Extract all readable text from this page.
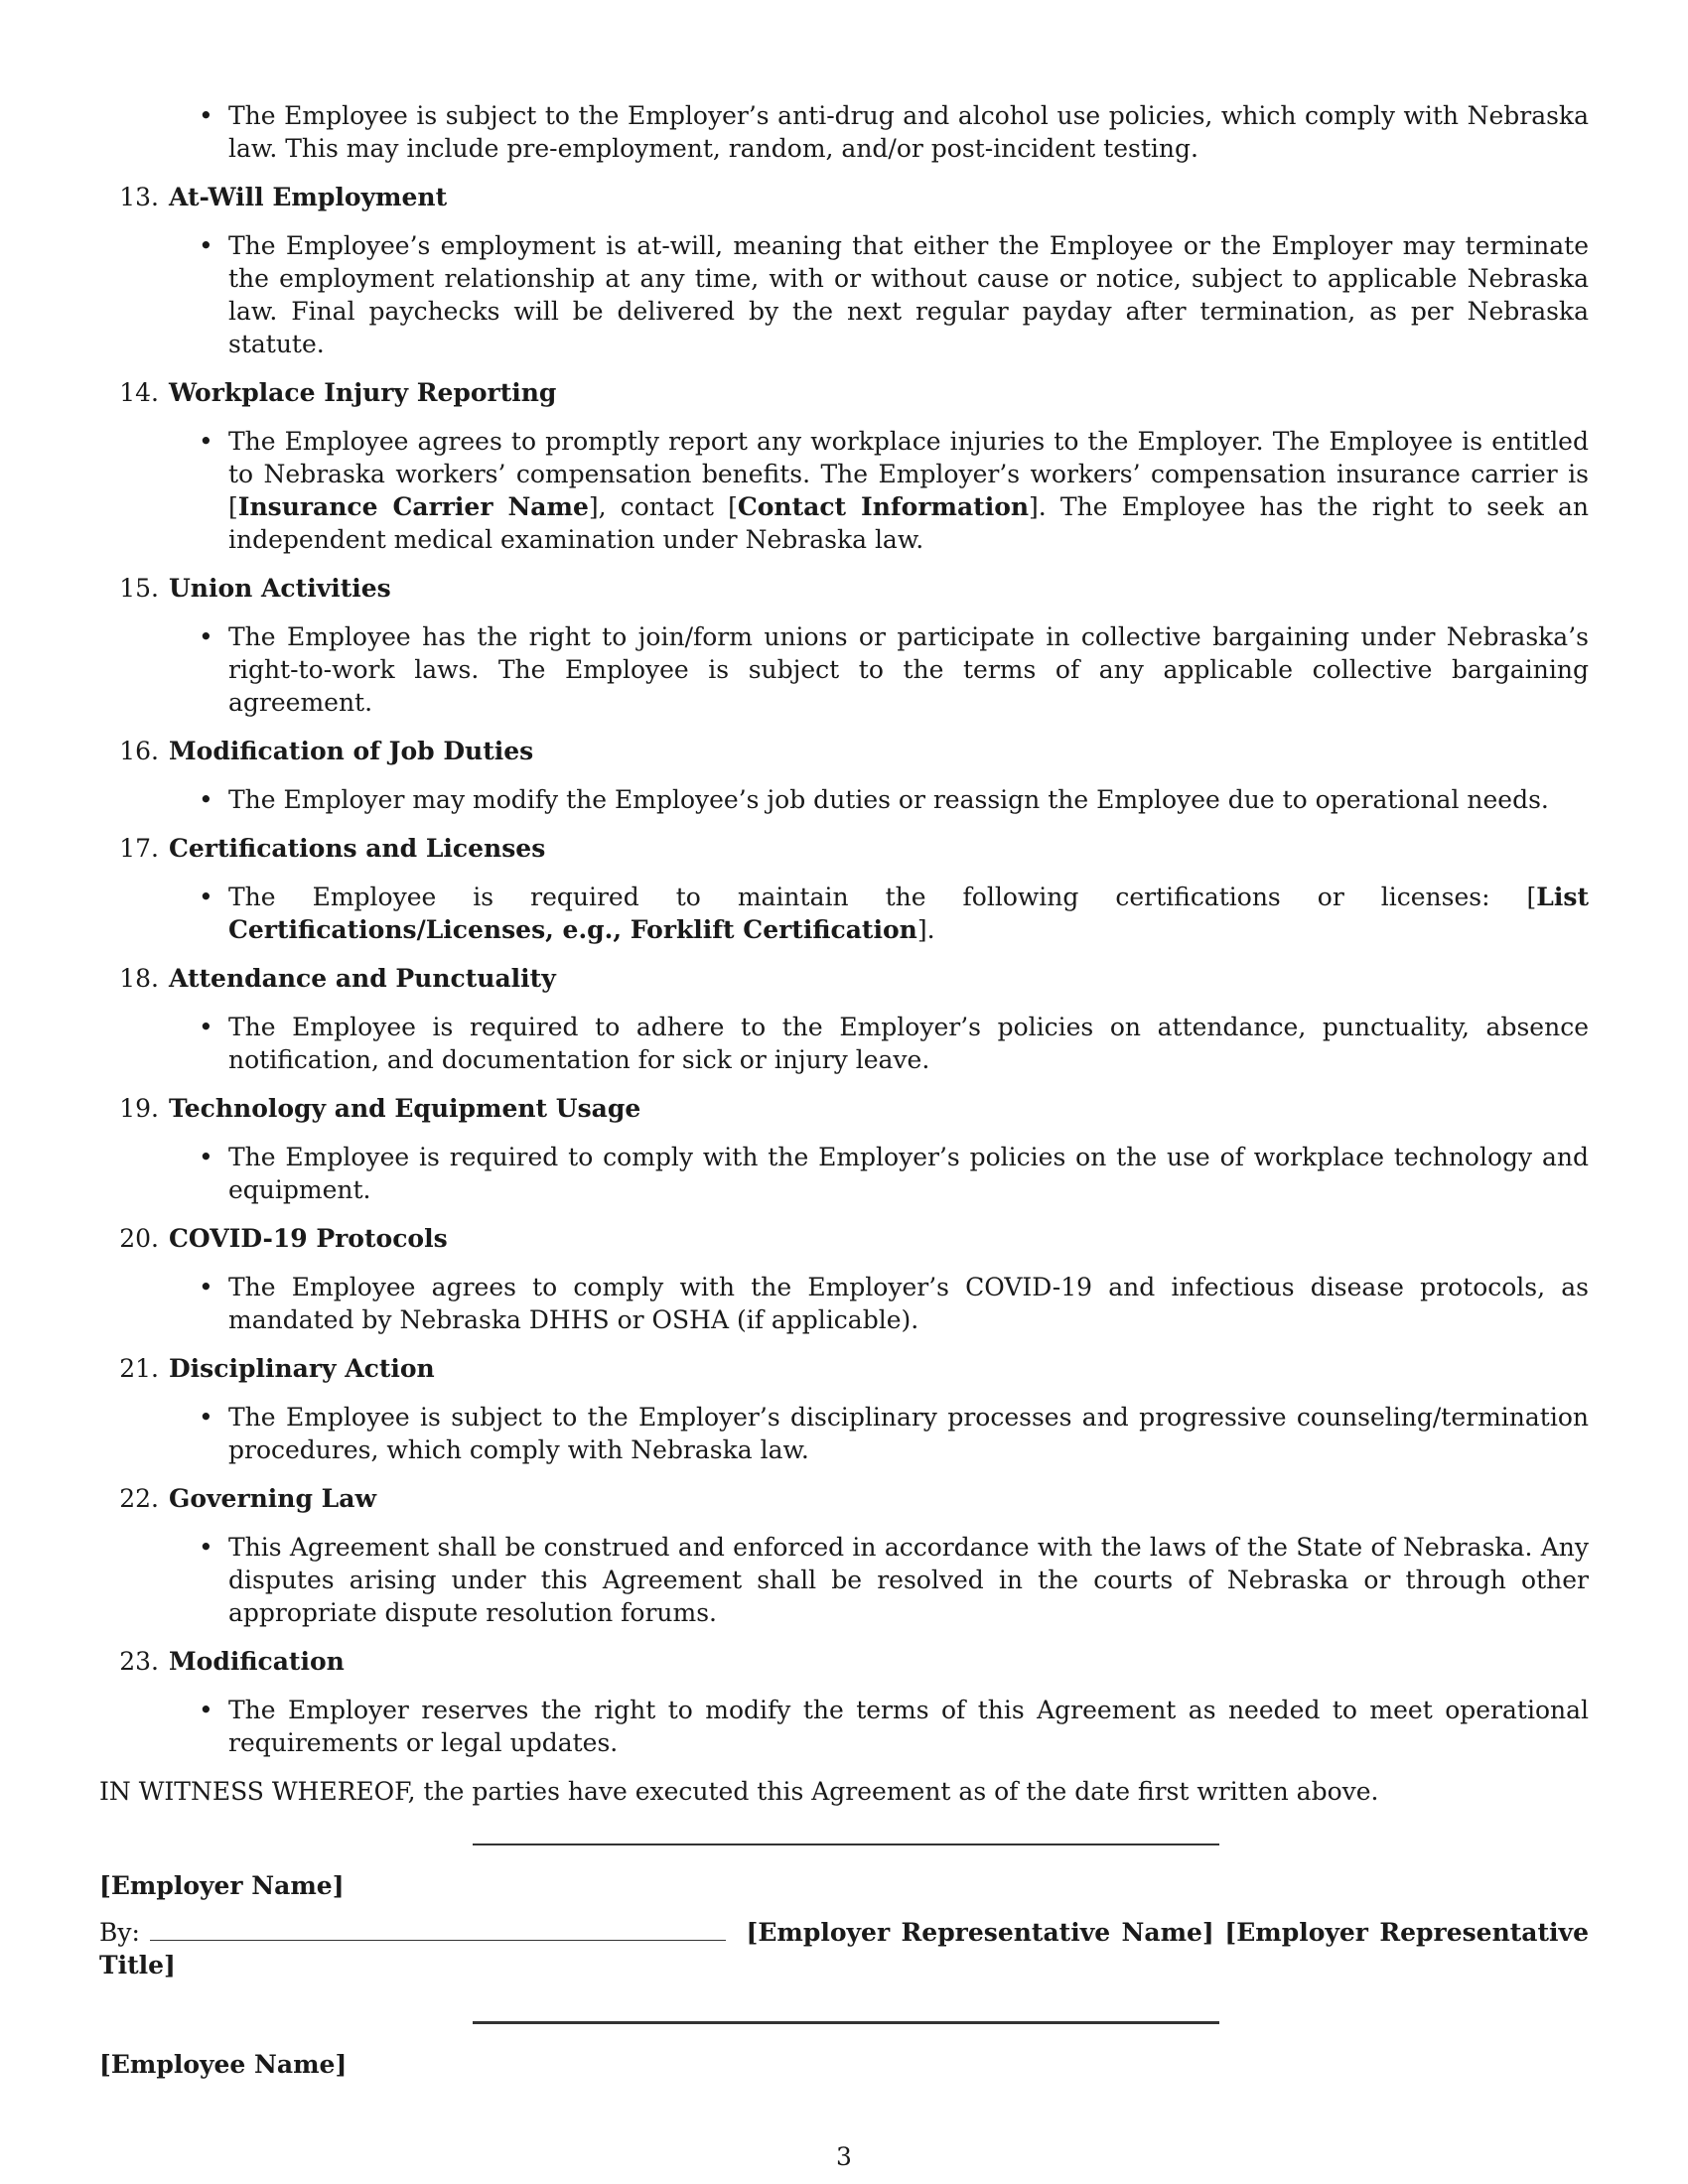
• The Employee is subject to the Employer’s anti-drug and alcohol use policies, which comply with Nebraska law. This may include pre-employment, random, and/or post-incident testing.
13. At-Will Employment
• The Employee’s employment is at-will, meaning that either the Employee or the Employer may terminate the employment relationship at any time, with or without cause or notice, subject to applicable Nebraska law. Final paychecks will be delivered by the next regular payday after termination, as per Nebraska statute.
14. Workplace Injury Reporting
• The Employee agrees to promptly report any workplace injuries to the Employer. The Employee is entitled to Nebraska workers’ compensation benefits. The Employer’s workers’ compensation insurance carrier is [Insurance Carrier Name], contact [Contact Information]. The Employee has the right to seek an independent medical examination under Nebraska law.
15. Union Activities
• The Employee has the right to join/form unions or participate in collective bargaining under Nebraska’s right-to-work laws. The Employee is subject to the terms of any applicable collective bargaining agreement.
16. Modification of Job Duties
• The Employer may modify the Employee’s job duties or reassign the Employee due to operational needs.
17. Certifications and Licenses
• The Employee is required to maintain the following certifications or licenses: [List Certifications/Licenses, e.g., Forklift Certification].
18. Attendance and Punctuality
• The Employee is required to adhere to the Employer’s policies on attendance, punctuality, absence notification, and documentation for sick or injury leave.
19. Technology and Equipment Usage
• The Employee is required to comply with the Employer’s policies on the use of workplace technology and equipment.
20. COVID-19 Protocols
• The Employee agrees to comply with the Employer’s COVID-19 and infectious disease protocols, as mandated by Nebraska DHHS or OSHA (if applicable).
21. Disciplinary Action
• The Employee is subject to the Employer’s disciplinary processes and progressive counseling/termination procedures, which comply with Nebraska law.
22. Governing Law
• This Agreement shall be construed and enforced in accordance with the laws of the State of Nebraska. Any disputes arising under this Agreement shall be resolved in the courts of Nebraska or through other appropriate dispute resolution forums.
23. Modification
• The Employer reserves the right to modify the terms of this Agreement as needed to meet operational requirements or legal updates.
IN WITNESS WHEREOF, the parties have executed this Agreement as of the date first written above.
[Employer Name]
By:	[Employer Representative Name] [Employer Representative Title]
[Employee Name]
3
